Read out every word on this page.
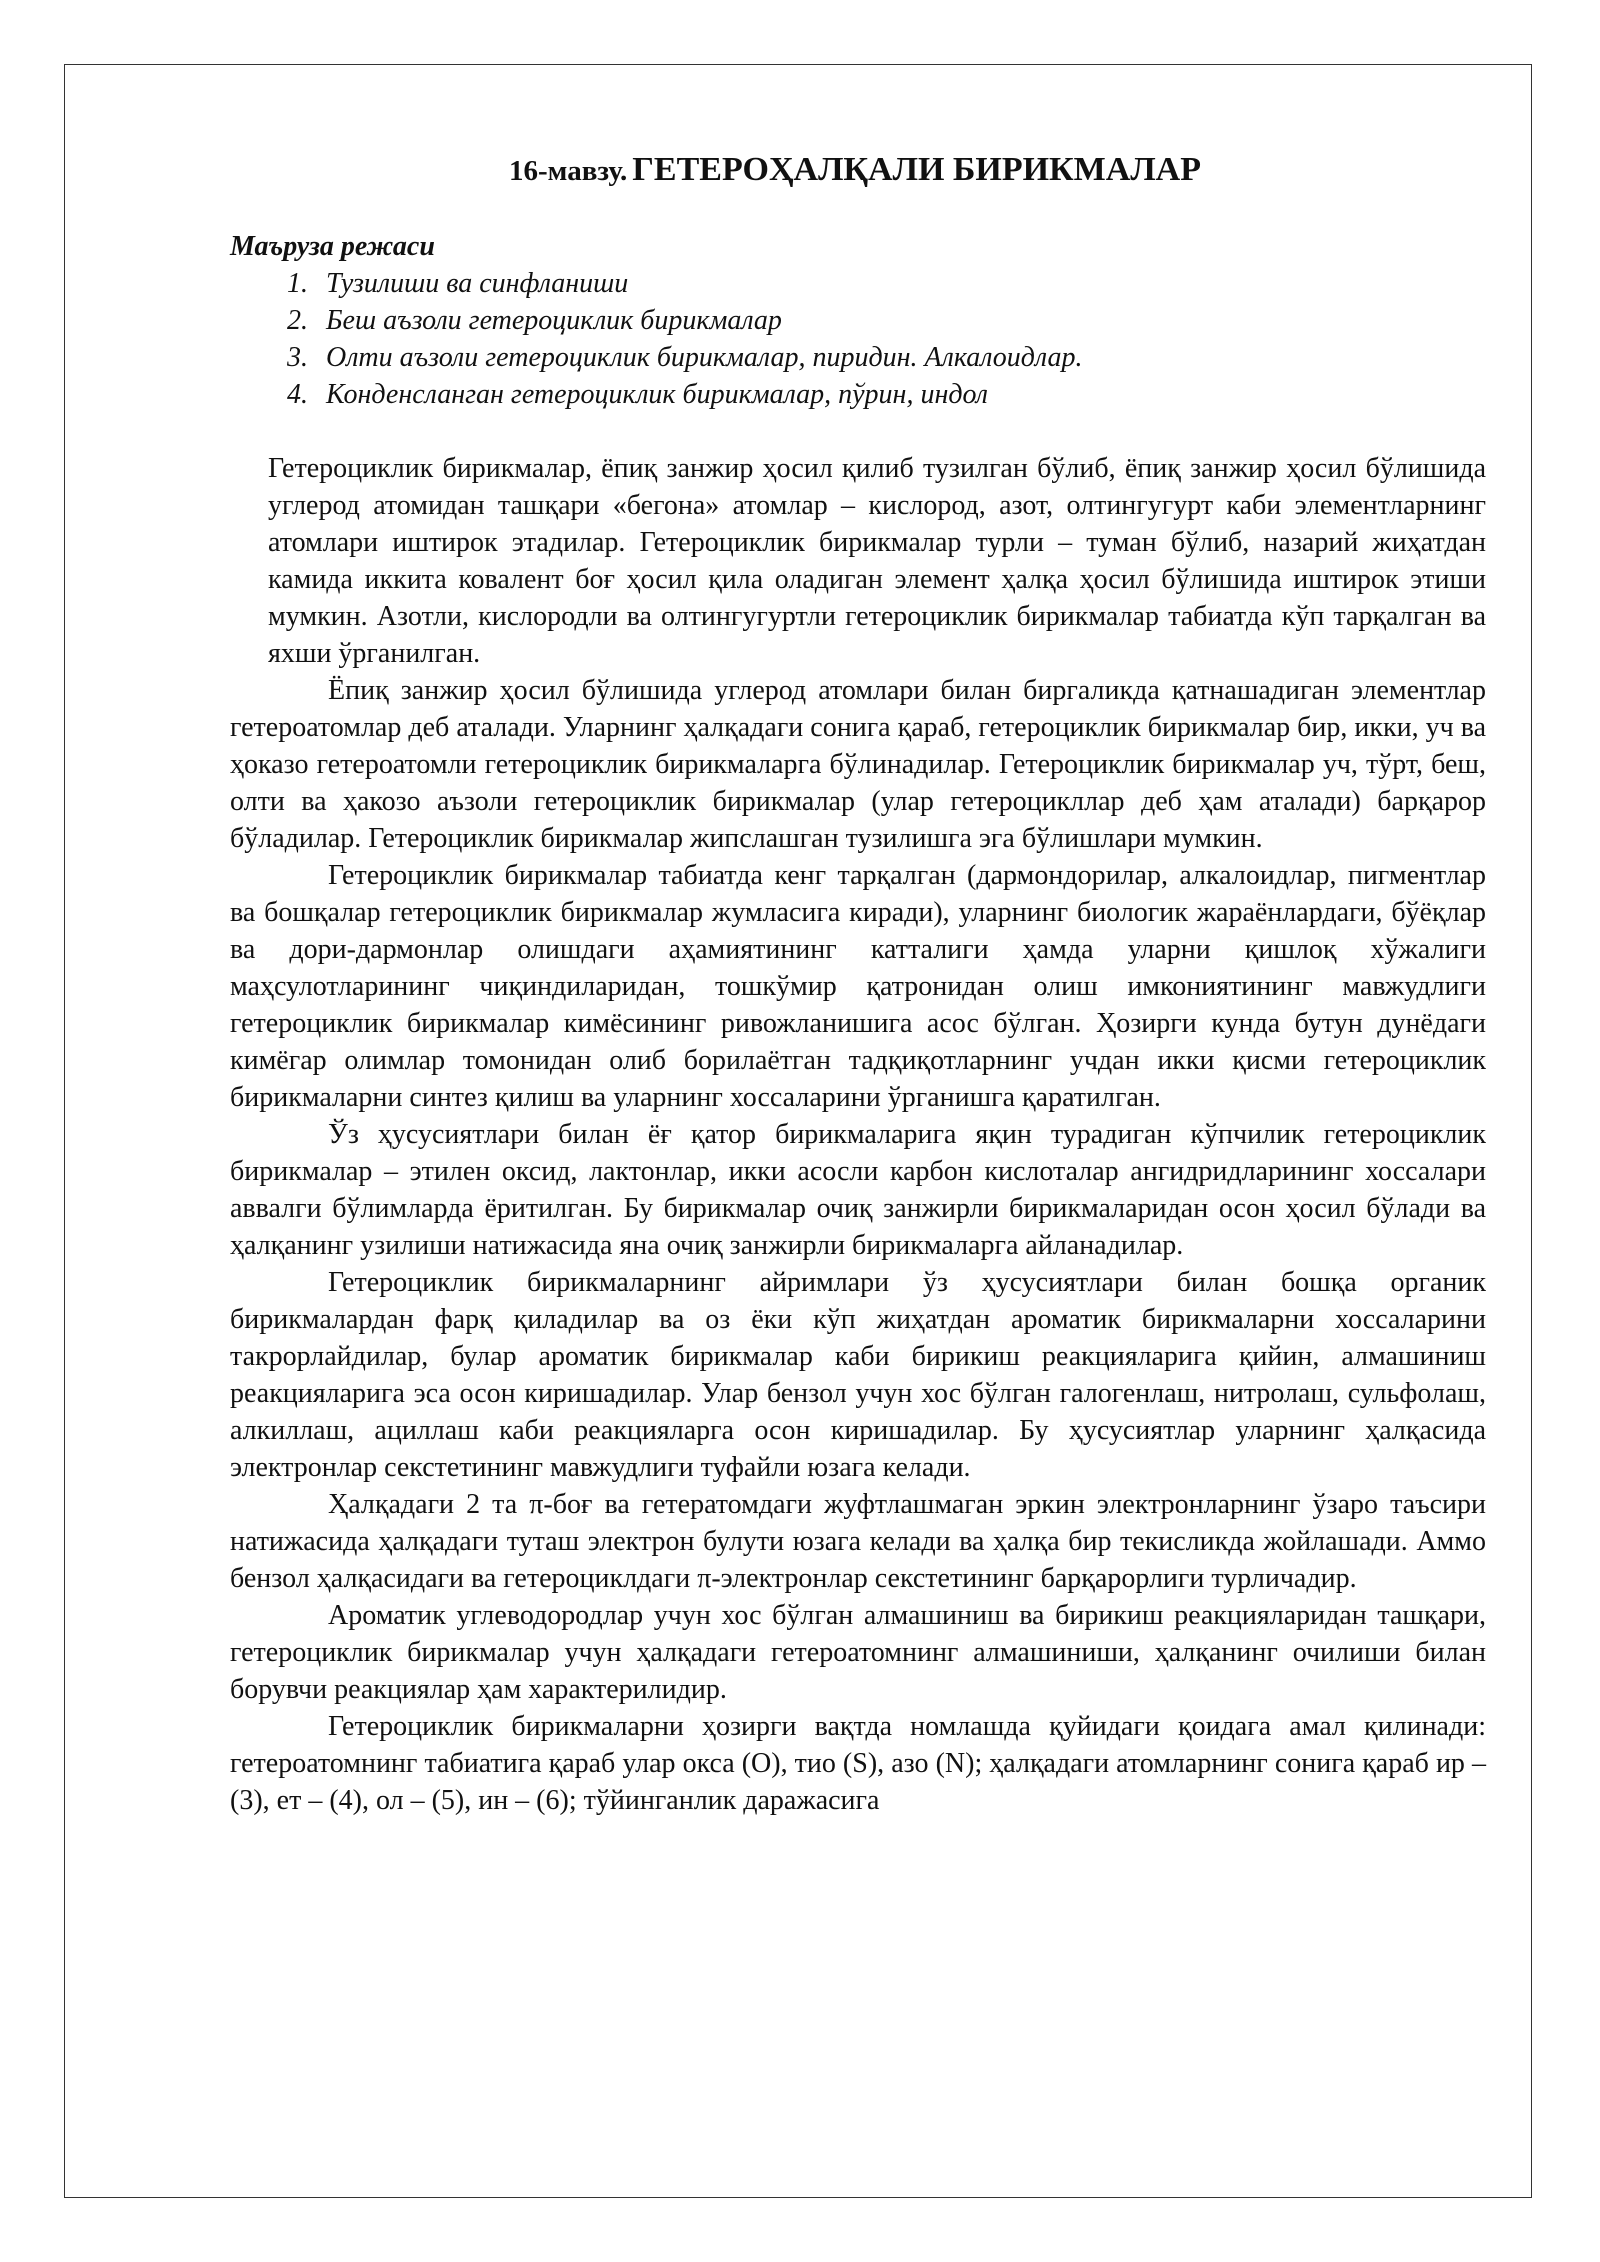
16-мавзу. ГЕТЕРОҲАЛҚАЛИ БИРИКМАЛАР
Маъруза режаси
1. Тузилиши ва синфланиши
2. Беш аъзоли гетероциклик бирикмалар
3. Олти аъзоли гетероциклик бирикмалар, пиридин. Алкалоидлар.
4. Конденсланган гетероциклик бирикмалар, пўрин, индол

Гетероциклик бирикмалар, ёпиқ занжир ҳосил қилиб тузилган бўлиб, ёпиқ занжир ҳосил бўлишида углерод атомидан ташқари «бегона» атомлар – кислород, азот, олтингугурт каби элементларнинг атомлари иштирок этадилар. Гетероциклик бирикмалар турли – туман бўлиб, назарий жиҳатдан камида иккита ковалент боғ ҳосил қила оладиган элемент ҳалқа ҳосил бўлишида иштирок этиши мумкин. Азотли, кислородли ва олтингугуртли гетероциклик бирикмалар табиатда кўп тарқалган ва яхши ўрганилган.

Ёпиқ занжир ҳосил бўлишида углерод атомлари билан биргаликда қатнашадиган элементлар гетероатомлар деб аталади. Уларнинг ҳалқадаги сонига қараб, гетероциклик бирикмалар бир, икки, уч ва ҳоказо гетероатомли гетероциклик бирикмаларга бўлинадилар. Гетероциклик бирикмалар уч, тўрт, беш, олти ва ҳакозо аъзоли гетероциклик бирикмалар (улар гетероцикллар деб ҳам аталади) барқарор бўладилар. Гетероциклик бирикмалар жипслашган тузилишга эга бўлишлари мумкин.

Гетероциклик бирикмалар табиатда кенг тарқалган (дармондорилар, алкалоидлар, пигментлар ва бошқалар гетероциклик бирикмалар жумласига киради), уларнинг биологик жараёнлардаги, бўёқлар ва дори-дармонлар олишдаги аҳамиятининг катталиги ҳамда уларни қишлоқ хўжалиги маҳсулотларининг чиқиндиларидан, тошкўмир қатронидан олиш имкониятининг мавжудлиги гетероциклик бирикмалар кимёсининг ривожланишига асос бўлган. Ҳозирги кунда бутун дунёдаги кимёгар олимлар томонидан олиб борилаётган тадқиқотларнинг учдан икки қисми гетероциклик бирикмаларни синтез қилиш ва уларнинг хоссаларини ўрганишга қаратилган.

Ўз ҳусусиятлари билан ёғ қатор бирикмаларига яқин турадиган кўпчилик гетероциклик бирикмалар – этилен оксид, лактонлар, икки асосли карбон кислоталар ангидридларининг хоссалари аввалги бўлимларда ёритилган. Бу бирикмалар очиқ занжирли бирикмаларидан осон ҳосил бўлади ва ҳалқанинг узилиши натижасида яна очиқ занжирли бирикмаларга айланадилар.

Гетероциклик бирикмаларнинг айримлари ўз ҳусусиятлари билан бошқа органик бирикмалардан фарқ қиладилар ва оз ёки кўп жиҳатдан ароматик бирикмаларни хоссаларини такрорлайдилар, булар ароматик бирикмалар каби бирикиш реакцияларига қийин, алмашиниш реакцияларига эса осон киришадилар. Улар бензол учун хос бўлган галогенлаш, нитролаш, сульфолаш, алкиллаш, ациллаш каби реакцияларга осон киришадилар. Бу ҳусусиятлар уларнинг ҳалқасида электронлар секстетининг мавжудлиги туфайли юзага келади.

Ҳалқадаги 2 та π-боғ ва гетератомдаги жуфтлашмаган эркин электронларнинг ўзаро таъсири натижасида ҳалқадаги туташ электрон булути юзага келади ва ҳалқа бир текисликда жойлашади. Аммо бензол ҳалқасидаги ва гетероциклдаги π-электронлар секстетининг барқарорлиги турличадир.

Ароматик углеводородлар учун хос бўлган алмашиниш ва бирикиш реакцияларидан ташқари, гетероциклик бирикмалар учун ҳалқадаги гетероатомнинг алмашиниши, ҳалқанинг очилиши билан борувчи реакциялар ҳам характерилидир.

Гетероциклик бирикмаларни ҳозирги вақтда номлашда қуйидаги қоидага амал қилинади: гетероатомнинг табиатига қараб улар окса (О), тио (S), азо (N); ҳалқадаги атомларнинг сонига қараб ир – (3), ет – (4), ол – (5), ин – (6); тўйинганлик даражасига
